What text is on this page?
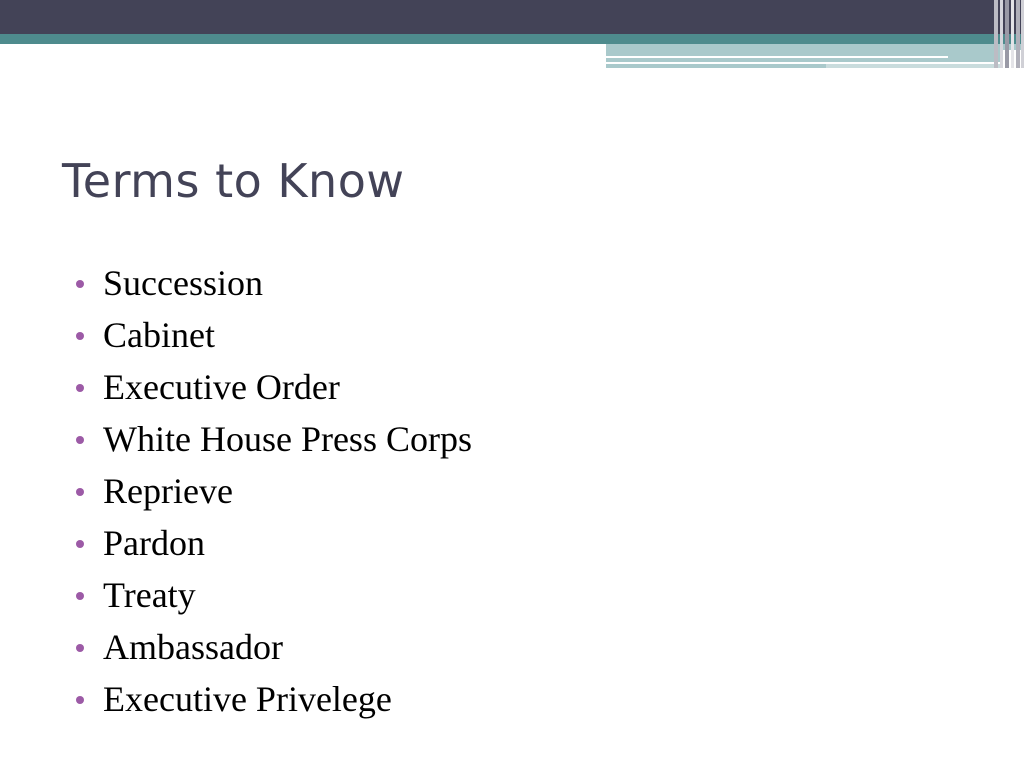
Terms to Know
Succession
Cabinet
Executive Order
White House Press Corps
Reprieve
Pardon
Treaty
Ambassador
Executive Privelege
